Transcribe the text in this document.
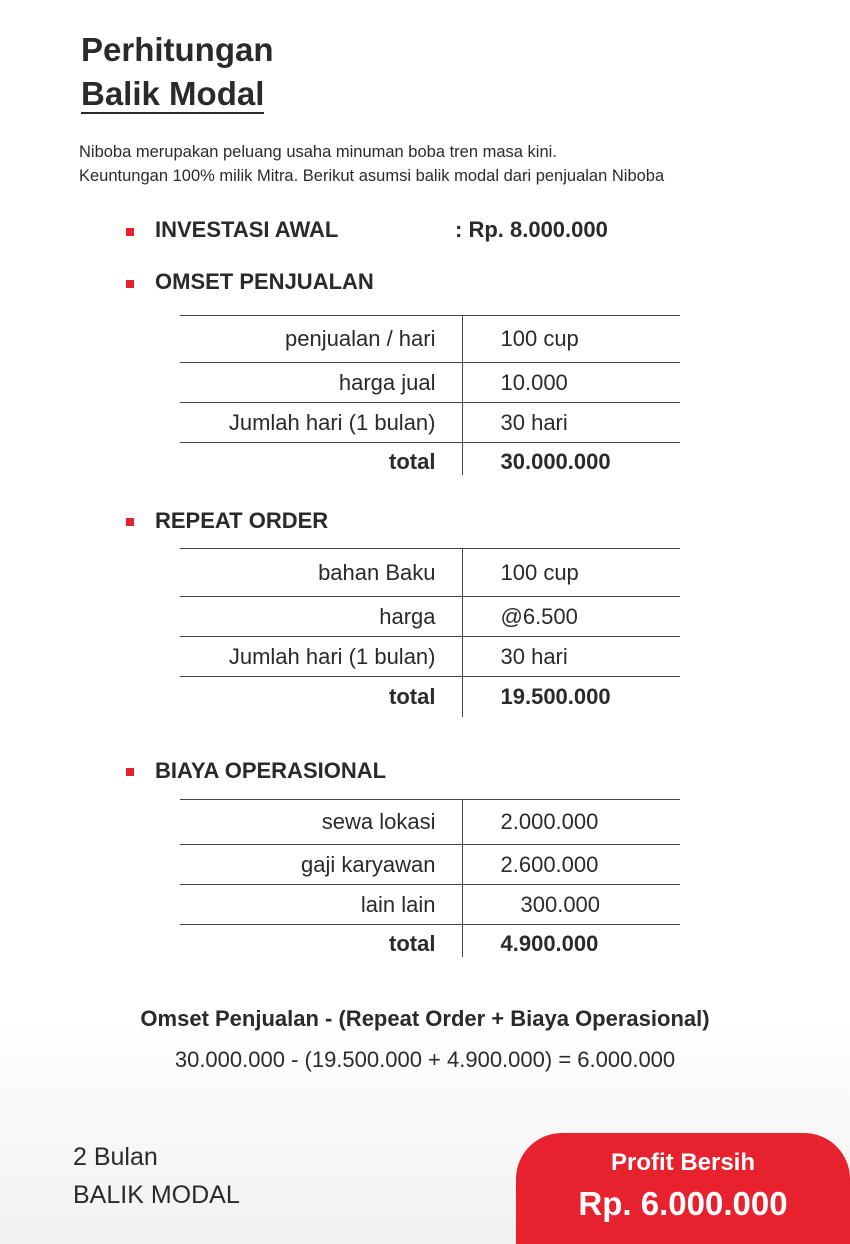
Perhitungan
Balik Modal
Niboba merupakan peluang usaha minuman boba tren masa kini.
Keuntungan 100% milik Mitra. Berikut asumsi balik modal dari penjualan Niboba
INVESTASI AWAL	: Rp. 8.000.000
OMSET PENJUALAN
penjualan / hari	100 cup
harga jual	10.000
Jumlah hari (1 bulan)	30 hari
total	30.000.000
REPEAT ORDER
bahan Baku	100 cup
harga	@6.500
Jumlah hari (1 bulan)	30 hari
total	19.500.000
BIAYA OPERASIONAL
sewa lokasi	2.000.000
gaji karyawan	2.600.000
lain lain	300.000
total	4.900.000
Omset Penjualan - (Repeat Order + Biaya Operasional)
30.000.000 - (19.500.000 + 4.900.000) = 6.000.000
2 Bulan
BALIK MODAL
Profit Bersih
Rp. 6.000.000
